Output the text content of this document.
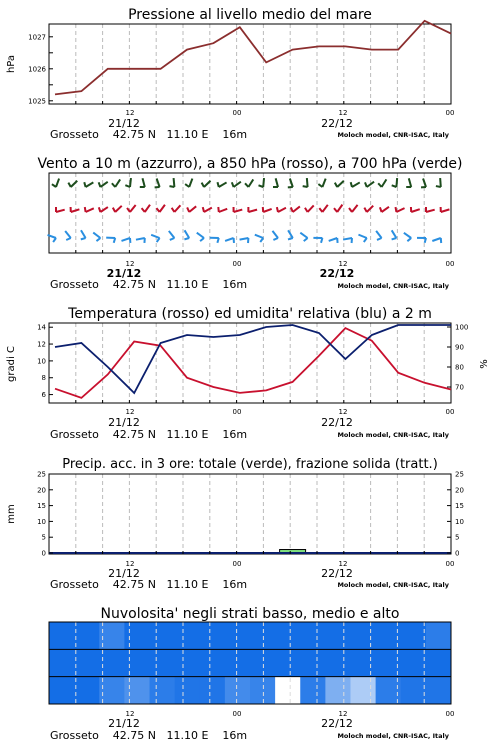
Pressione al livello medio del mare
hPa
1025
1026
1027
12	00	12	00
21/12	22/12
Grosseto    42.75 N   11.10 E    16m	Moloch model, CNR-ISAC, Italy
Vento a 10 m (azzurro), a 850 hPa (rosso), a 700 hPa (verde)
12	00	12	00
21/12	22/12
Grosseto    42.75 N   11.10 E    16m	Moloch model, CNR-ISAC, Italy
Temperatura (rosso) ed umidita' relativa (blu) a 2 m
gradi C	%
6
8
10
12
14
70
80
90
100
12	00	12	00
21/12	22/12
Grosseto    42.75 N   11.10 E    16m	Moloch model, CNR-ISAC, Italy
Precip. acc. in 3 ore: totale (verde), frazione solida (tratt.)
mm
0
5
10
15
20
25
0
5
10
15
20
25
12	00	12	00
21/12	22/12
Grosseto    42.75 N   11.10 E    16m	Moloch model, CNR-ISAC, Italy
Nuvolosita' negli strati basso, medio e alto
12	00	12	00
21/12	22/12
Grosseto    42.75 N   11.10 E    16m	Moloch model, CNR-ISAC, Italy
